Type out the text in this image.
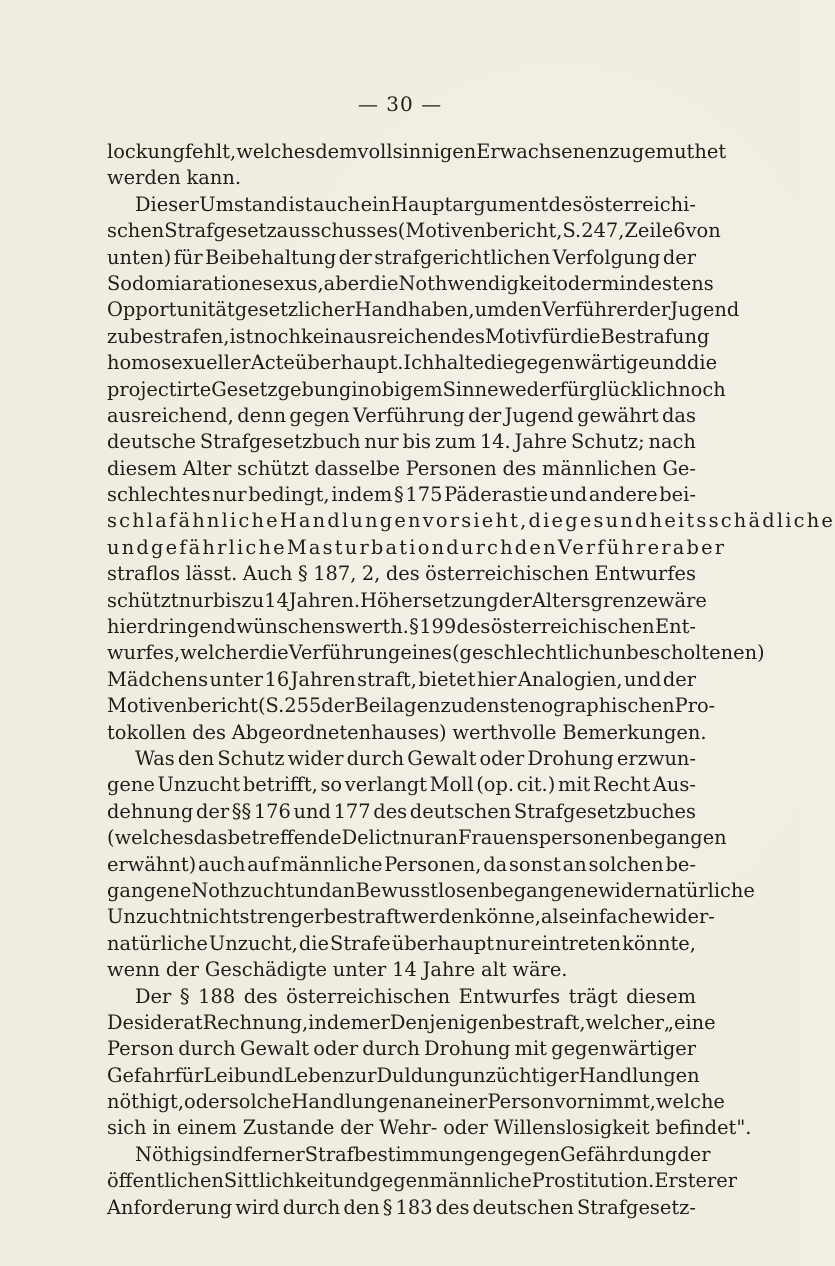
— 30 —
lockung fehlt, welches dem vollsinnigen Erwachsenen zugemuthet
werden kann.
Dieser Umstand ist auch ein Hauptargument des österreichi-
schen Strafgesetzausschusses (Motivenbericht, S. 247, Zeile 6 von
unten) für Beibehaltung der strafgerichtlichen Verfolgung der
Sodomia ratione sexus, aber die Nothwendigkeit oder mindestens
Opportunität gesetzlicher Handhaben, um den Verführer der Jugend
zu bestrafen, ist noch kein ausreichendes Motiv für die Bestrafung
homosexueller Acte überhaupt. Ich halte die gegenwärtige und die
projectirte Gesetzgebung in obigem Sinne weder für glücklich noch
ausreichend, denn gegen Verführung der Jugend gewährt das
deutsche Strafgesetzbuch nur bis zum 14. Jahre Schutz; nach
diesem Alter schützt dasselbe Personen des männlichen Ge-
schlechtes nur bedingt, indem § 175 Päderastie und andere bei-
schlafähnliche Handlungen vorsieht, die gesundheitsschädliche
und gefährliche Masturbation durch den Verführer aber
straflos lässt. Auch § 187, 2, des österreichischen Entwurfes
schützt nur bis zu 14 Jahren. Höhersetzung der Altersgrenze wäre
hier dringend wünschenswerth. § 199 des österreichischen Ent-
wurfes, welcher die Verführung eines (geschlechtlich unbescholtenen)
Mädchens unter 16 Jahren straft, bietet hier Analogien, und der
Motivenbericht (S. 255 der Beilagen zu den stenographischen Pro-
tokollen des Abgeordnetenhauses) werthvolle Bemerkungen.
Was den Schutz wider durch Gewalt oder Drohung erzwun-
gene Unzucht betrifft, so verlangt Moll (op. cit.) mit Recht Aus-
dehnung der §§ 176 und 177 des deutschen Strafgesetzbuches
(welches das betreffende Delict nur an Frauenspersonen begangen
erwähnt) auch auf männliche Personen, da sonst an solchen be-
gangene Nothzucht und an Bewusstlosen begangene widernatürliche
Unzucht nicht strenger bestraft werden könne, als einfache wider-
natürliche Unzucht, die Strafe überhaupt nur eintreten könnte,
wenn der Geschädigte unter 14 Jahre alt wäre.
Der § 188 des österreichischen Entwurfes trägt diesem
Desiderat Rechnung, indem er Denjenigen bestraft, welcher „eine
Person durch Gewalt oder durch Drohung mit gegenwärtiger
Gefahr für Leib und Leben zur Duldung unzüchtiger Handlungen
nöthigt, oder solche Handlungen an einer Person vornimmt, welche
sich in einem Zustande der Wehr- oder Willenslosigkeit befindet".
Nöthig sind ferner Strafbestimmungen gegen Gefährdung der
öffentlichen Sittlichkeit und gegen männliche Prostitution. Ersterer
Anforderung wird durch den § 183 des deutschen Strafgesetz-
